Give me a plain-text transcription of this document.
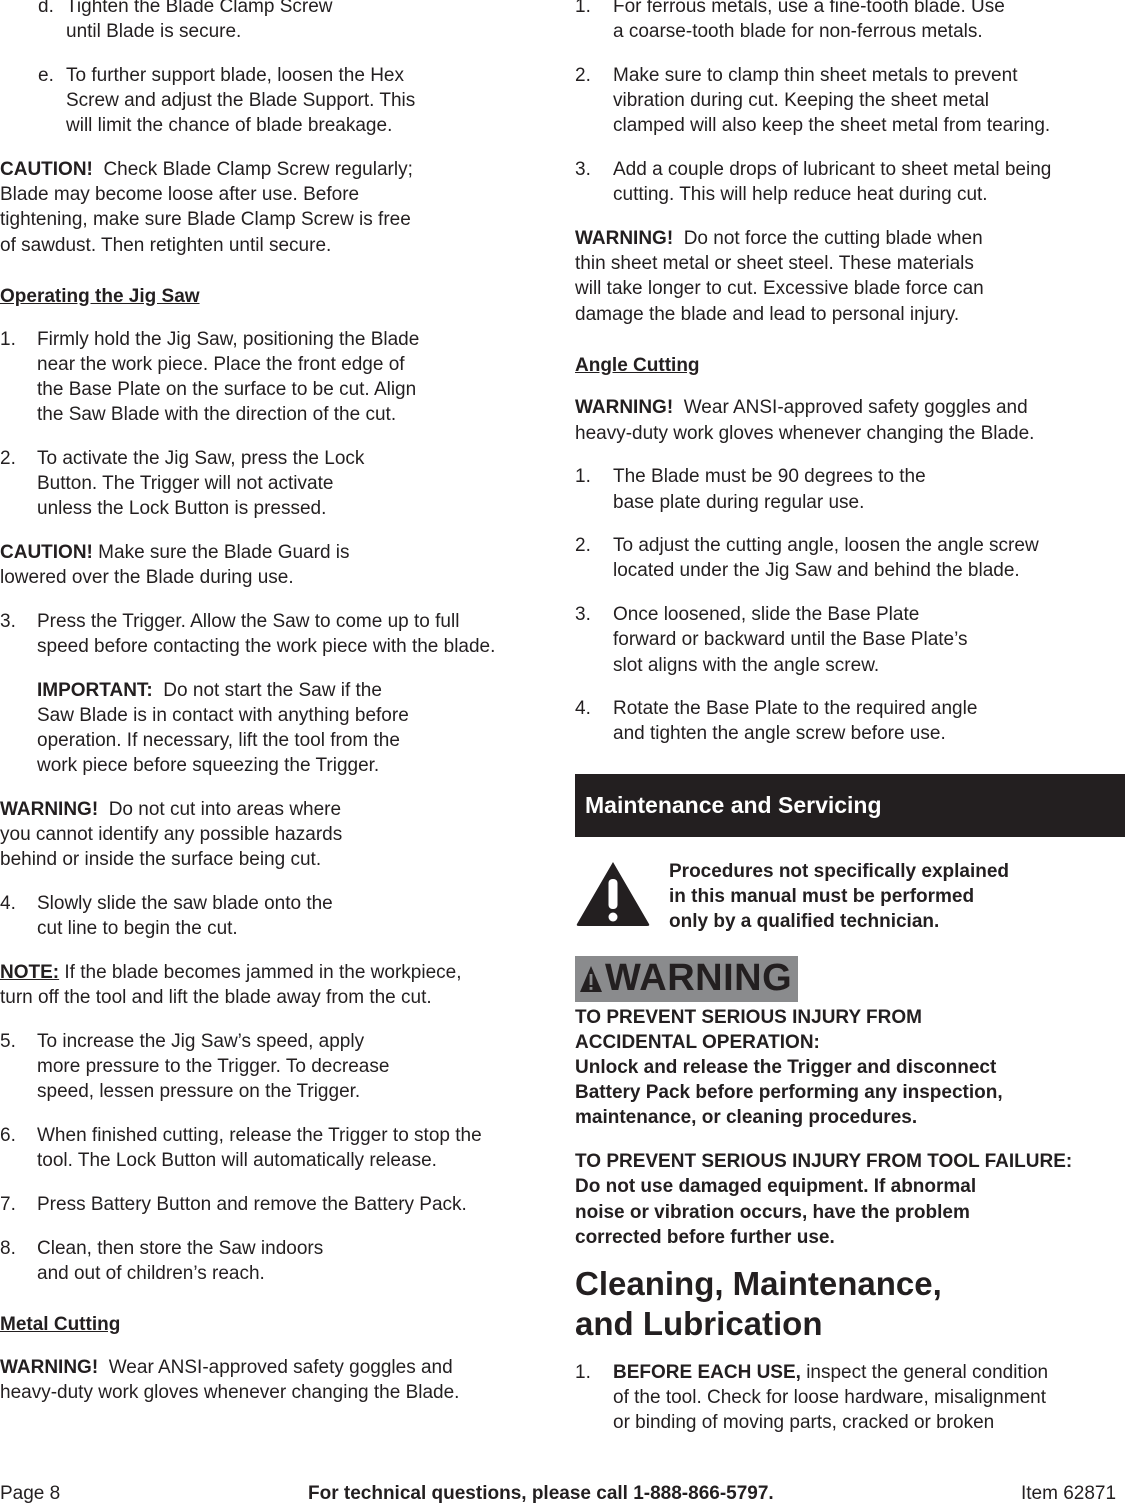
d. Tighten the Blade Clamp Screw
until Blade is secure.
e. To further support blade, loosen the Hex
Screw and adjust the Blade Support. This
will limit the chance of blade breakage.

CAUTION!  Check Blade Clamp Screw regularly;
Blade may become loose after use. Before
tightening, make sure Blade Clamp Screw is free
of sawdust. Then retighten until secure.

Operating the Jig Saw

1.	Firmly hold the Jig Saw, positioning the Blade
near the work piece. Place the front edge of
the Base Plate on the surface to be cut. Align
the Saw Blade with the direction of the cut.
2.	To activate the Jig Saw, press the Lock
Button. The Trigger will not activate
unless the Lock Button is pressed.

CAUTION! Make sure the Blade Guard is
lowered over the Blade during use.

3.	Press the Trigger. Allow the Saw to come up to full
speed before contacting the work piece with the blade.

IMPORTANT:  Do not start the Saw if the
Saw Blade is in contact with anything before
operation. If necessary, lift the tool from the
work piece before squeezing the Trigger.

WARNING!  Do not cut into areas where
you cannot identify any possible hazards
behind or inside the surface being cut.

4.	Slowly slide the saw blade onto the
cut line to begin the cut.

NOTE: If the blade becomes jammed in the workpiece,
turn off the tool and lift the blade away from the cut.

5.	To increase the Jig Saw’s speed, apply
more pressure to the Trigger. To decrease
speed, lessen pressure on the Trigger.
6.	When finished cutting, release the Trigger to stop the
tool. The Lock Button will automatically release.
7.	Press Battery Button and remove the Battery Pack.
8.	Clean, then store the Saw indoors
and out of children’s reach.

Metal Cutting

WARNING!  Wear ANSI-approved safety goggles and
heavy-duty work gloves whenever changing the Blade.

1.	For ferrous metals, use a fine-tooth blade. Use
a coarse-tooth blade for non-ferrous metals.
2.	Make sure to clamp thin sheet metals to prevent
vibration during cut. Keeping the sheet metal
clamped will also keep the sheet metal from tearing.
3.	Add a couple drops of lubricant to sheet metal being
cutting. This will help reduce heat during cut.

WARNING!  Do not force the cutting blade when
thin sheet metal or sheet steel. These materials
will take longer to cut. Excessive blade force can
damage the blade and lead to personal injury.

Angle Cutting

WARNING!  Wear ANSI-approved safety goggles and
heavy-duty work gloves whenever changing the Blade.

1.	The Blade must be 90 degrees to the
base plate during regular use.
2.	To adjust the cutting angle, loosen the angle screw
located under the Jig Saw and behind the blade.
3.	Once loosened, slide the Base Plate
forward or backward until the Base Plate’s
slot aligns with the angle screw.
4.	Rotate the Base Plate to the required angle
and tighten the angle screw before use.
Maintenance and Servicing
Procedures not specifically explained
in this manual must be performed
only by a qualified technician.
WARNING
TO PREVENT SERIOUS INJURY FROM
ACCIDENTAL OPERATION:
Unlock and release the Trigger and disconnect
Battery Pack before performing any inspection,
maintenance, or cleaning procedures.
TO PREVENT SERIOUS INJURY FROM TOOL FAILURE:
Do not use damaged equipment. If abnormal
noise or vibration occurs, have the problem
corrected before further use.
Cleaning, Maintenance,
and Lubrication
1.	BEFORE EACH USE, inspect the general condition
of the tool. Check for loose hardware, misalignment
or binding of moving parts, cracked or broken
Page 8	For technical questions, please call 1-888-866-5797.	Item 62871
